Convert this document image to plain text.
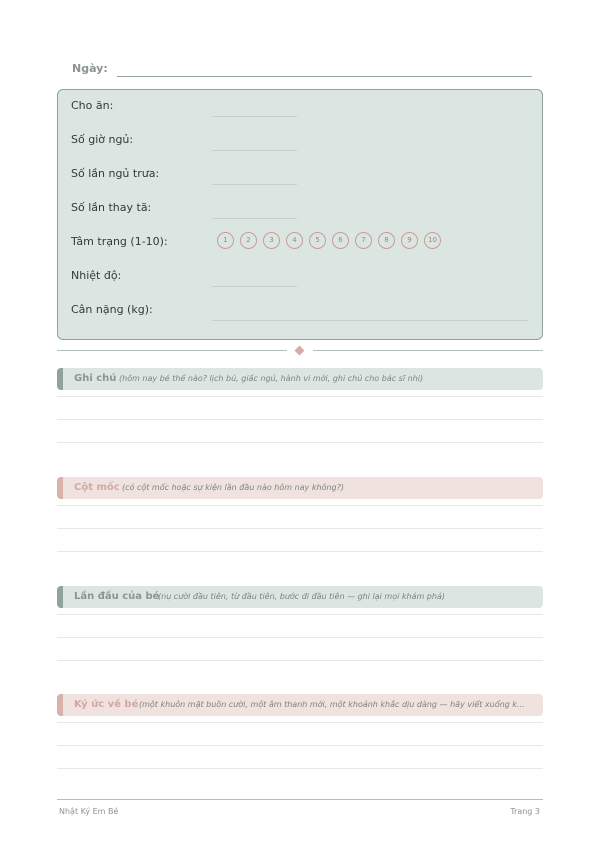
Ngày:
Cho ăn:
Số giờ ngủ:
Số lần ngủ trưa:
Số lần thay tã:
Tâm trạng (1-10):	1	2	3	4	5	6	7	8	9	10
Nhiệt độ:
Cân nặng (kg):
Ghi chú (hôm nay bé thế nào? lịch bú, giấc ngủ, hành vi mới, ghi chú cho bác sĩ nhi)
Cột mốc (có cột mốc hoặc sự kiện lần đầu nào hôm nay không?)
Lần đầu của bé
(nụ cười đầu tiên, từ đầu tiên, bước đi đầu tiên — ghi lại mọi khám phá)
Ký ức về bé (một khuôn mặt buồn cười, một âm thanh mới, một khoảnh khắc dịu dàng — hãy viết xuống k...
Nhật Ký Em Bé	Trang 3
